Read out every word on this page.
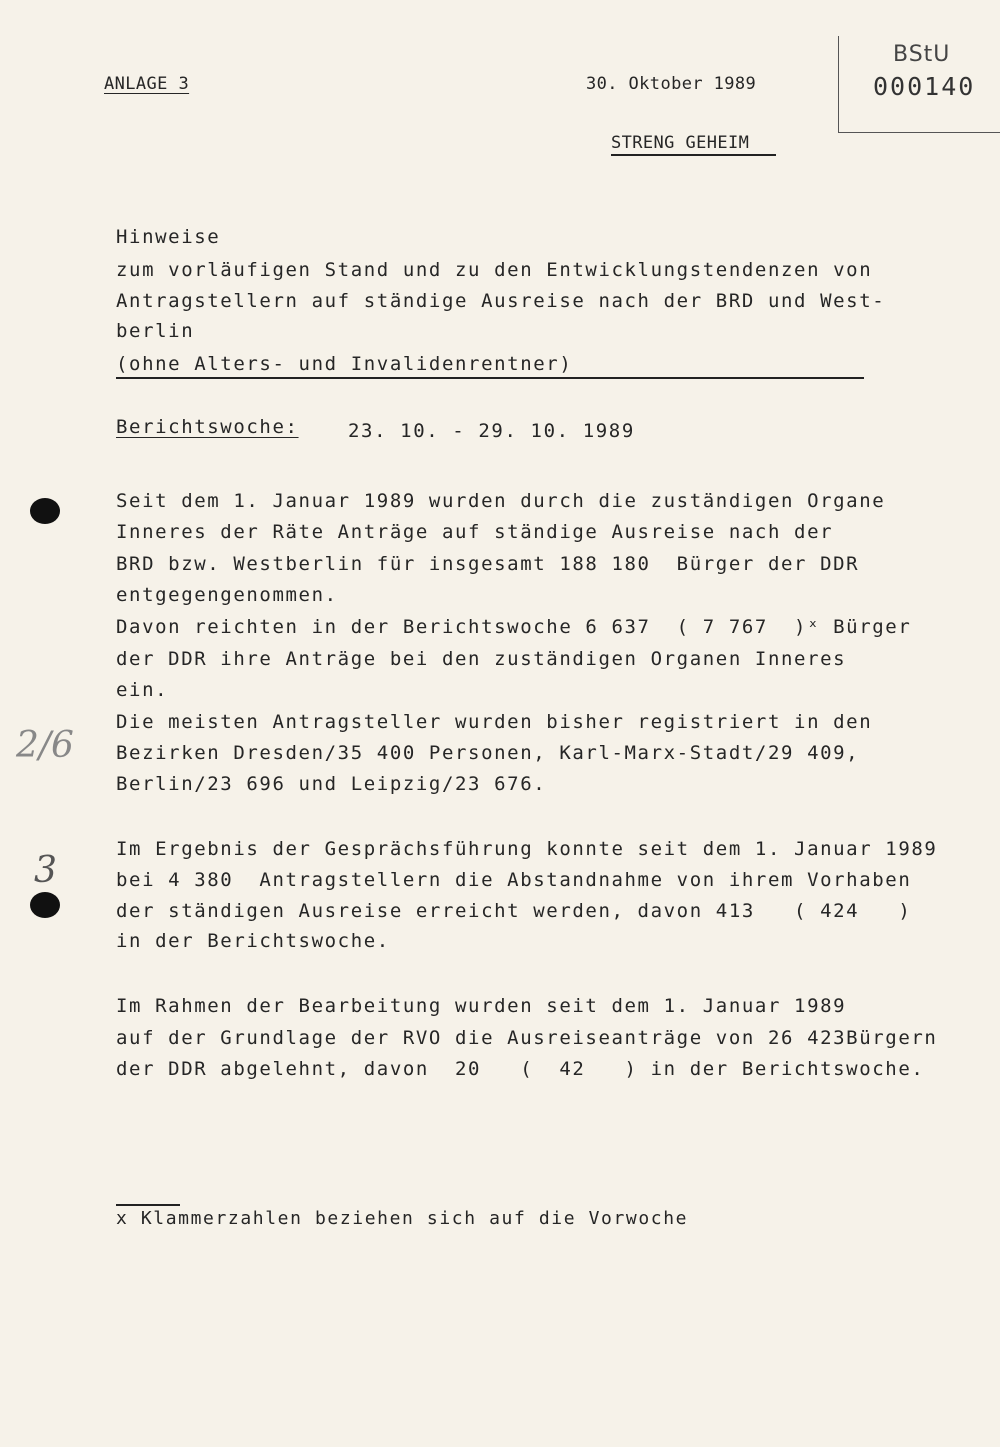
ANLAGE 3	30. Oktober 1989
STRENG GEHEIM
BStU
000140
Hinweise
zum vorläufigen Stand und zu den Entwicklungstendenzen von
Antragstellern auf ständige Ausreise nach der BRD und West-
berlin
(ohne Alters- und Invalidenrentner)
Berichtswoche:	23. 10. - 29. 10. 1989
Seit dem 1. Januar 1989 wurden durch die zuständigen Organe
Inneres der Räte Anträge auf ständige Ausreise nach der
BRD bzw. Westberlin für insgesamt 188 180  Bürger der DDR
entgegengenommen.
Davon reichten in der Berichtswoche 6 637  ( 7 767  )ˣ Bürger
der DDR ihre Anträge bei den zuständigen Organen Inneres
ein.
Die meisten Antragsteller wurden bisher registriert in den
Bezirken Dresden/35 400 Personen, Karl-Marx-Stadt/29 409,
Berlin/23 696 und Leipzig/23 676.
Im Ergebnis der Gesprächsführung konnte seit dem 1. Januar 1989
bei 4 380  Antragstellern die Abstandnahme von ihrem Vorhaben
der ständigen Ausreise erreicht werden, davon 413   ( 424   )
in der Berichtswoche.
Im Rahmen der Bearbeitung wurden seit dem 1. Januar 1989
auf der Grundlage der RVO die Ausreiseanträge von 26 423Bürgern
der DDR abgelehnt, davon  20   (  42   ) in der Berichtswoche.
x Klammerzahlen beziehen sich auf die Vorwoche
2/6
3
